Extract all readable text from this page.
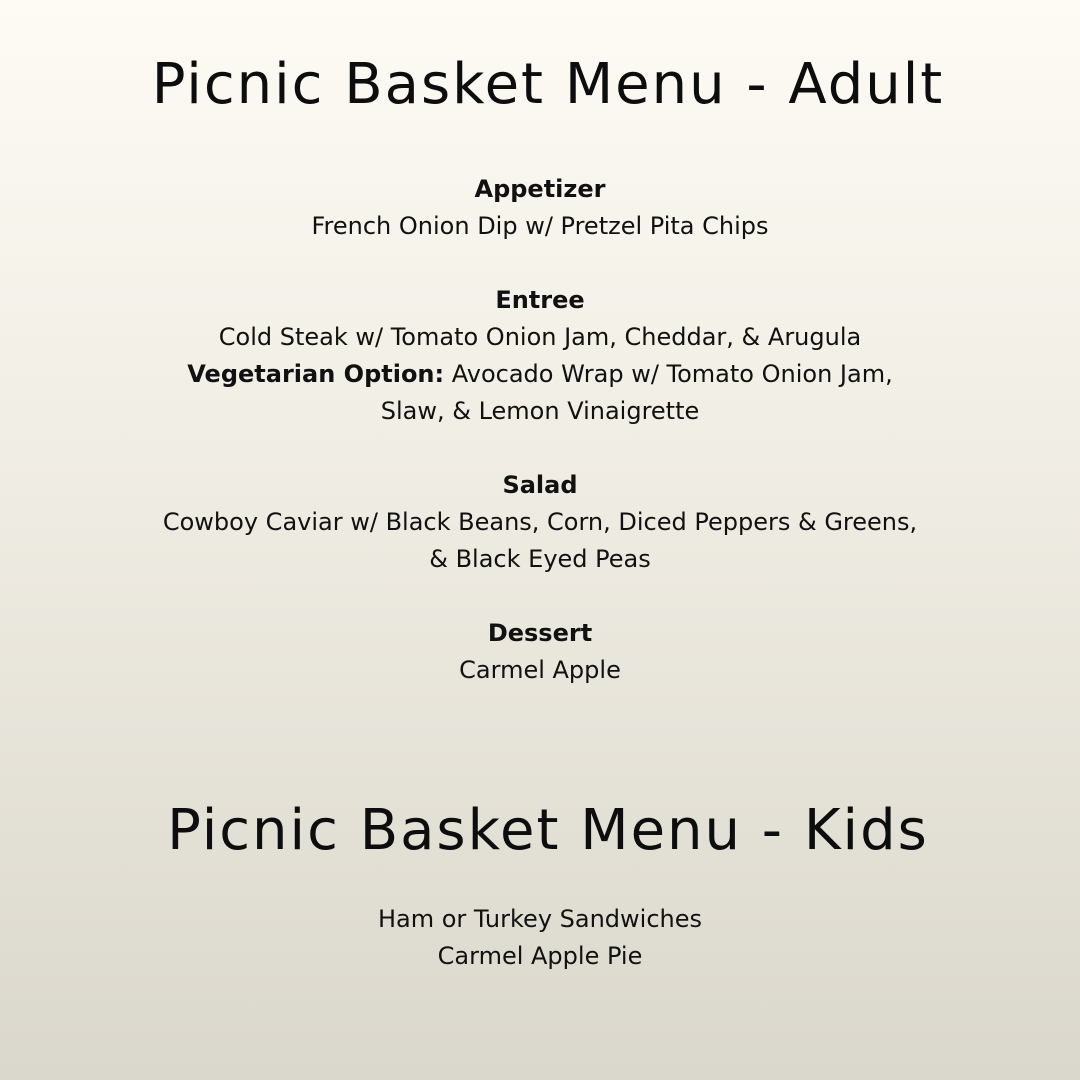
Picnic Basket Menu - Adult
Appetizer
French Onion Dip w/ Pretzel Pita Chips
Entree
Cold Steak w/ Tomato Onion Jam, Cheddar, & Arugula
Vegetarian Option: Avocado Wrap w/ Tomato Onion Jam,
Slaw, & Lemon Vinaigrette
Salad
Cowboy Caviar w/ Black Beans, Corn, Diced Peppers & Greens,
& Black Eyed Peas
Dessert
Carmel Apple
Picnic Basket Menu - Kids
Ham or Turkey Sandwiches
Carmel Apple Pie
